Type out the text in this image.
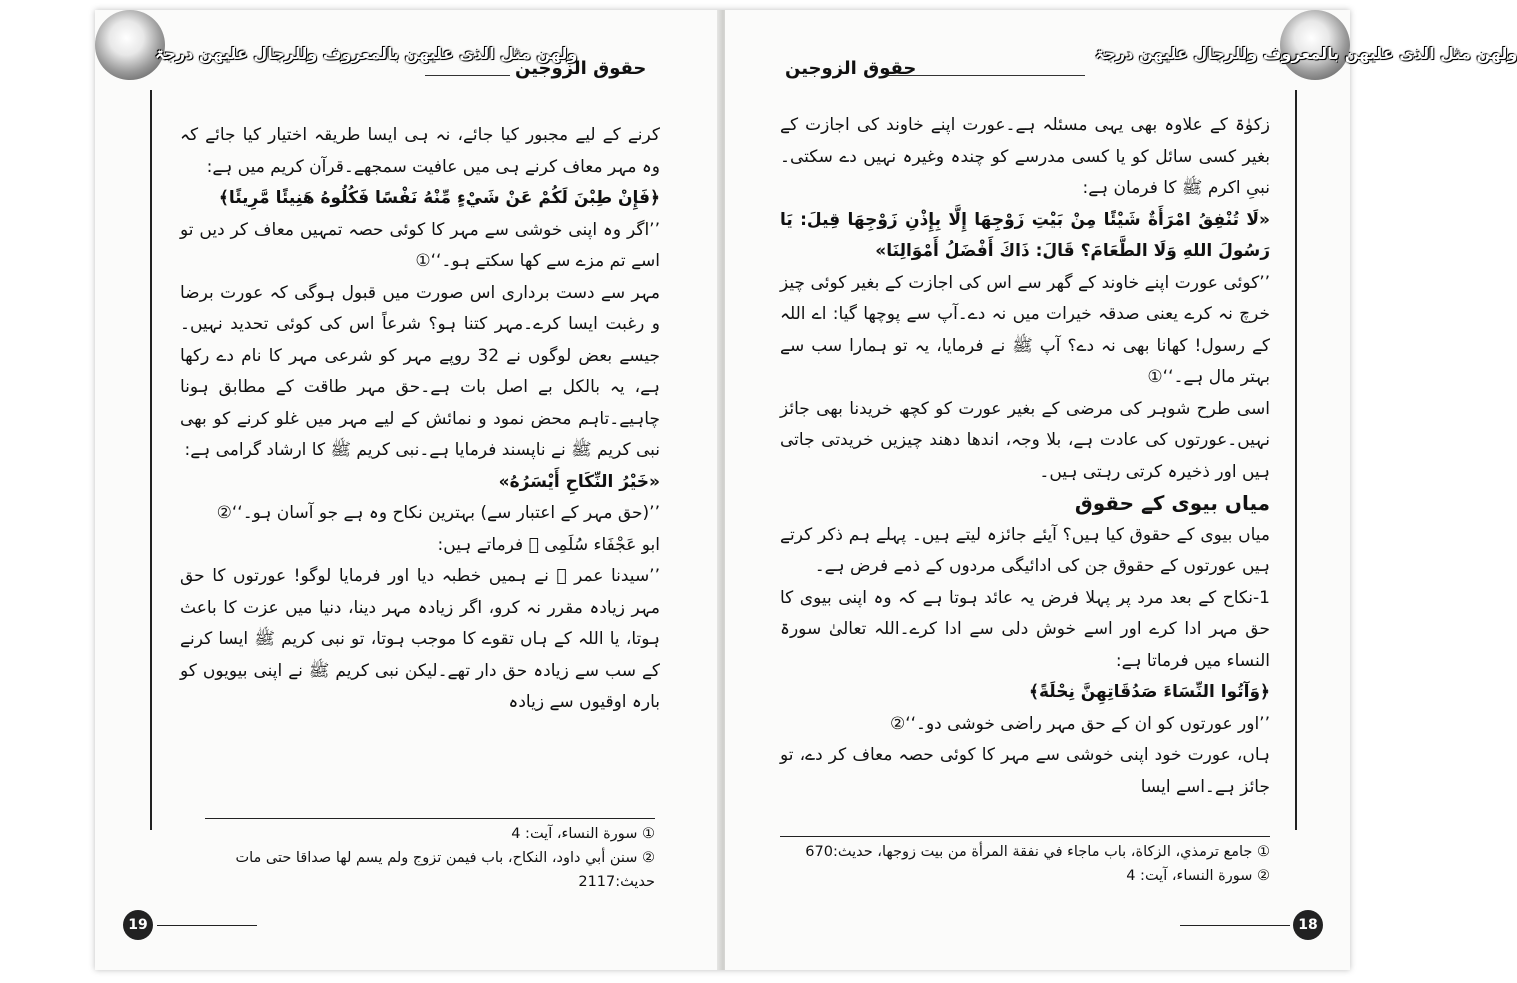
ولھن مثل الذی علیھن بالمعروف وللرجال علیھن درجۃ
حقوق الزوجین

کرنے کے لیے مجبور کیا جائے، نہ ہی ایسا طریقہ اختیار کیا جائے کہ وہ مہر معاف کرنے ہی میں عافیت سمجھے۔قرآن کریم میں ہے:

﴿فَإِنْ طِبْنَ لَكُمْ عَنْ شَيْءٍ مِّنْهُ نَفْسًا فَكُلُوهُ هَنِيئًا مَّرِيئًا﴾

’’اگر وہ اپنی خوشی سے مہر کا کوئی حصہ تمہیں معاف کر دیں تو اسے تم مزے سے کھا سکتے ہو۔‘‘①

مہر سے دست برداری اس صورت میں قبول ہوگی کہ عورت برضا و رغبت ایسا کرے۔مہر کتنا ہو؟ شرعاً اس کی کوئی تحدید نہیں۔ جیسے بعض لوگوں نے 32 روپے مہر کو شرعی مہر کا نام دے رکھا ہے، یہ بالکل بے اصل بات ہے۔حق مہر طاقت کے مطابق ہونا چاہیے۔تاہم محض نمود و نمائش کے لیے مہر میں غلو کرنے کو بھی نبی کریم ﷺ نے ناپسند فرمایا ہے۔نبی کریم ﷺ کا ارشاد گرامی ہے:

«خَيْرُ النِّكَاحِ أَيْسَرُهُ»

’’(حق مہر کے اعتبار سے) بہترین نکاح وہ ہے جو آسان ہو۔‘‘②

ابو عَجْفَاء سُلَمِی ﷫ فرماتے ہیں:

’’سیدنا عمر ﷛ نے ہمیں خطبہ دیا اور فرمایا لوگو! عورتوں کا حق مہر زیادہ مقرر نہ کرو، اگر زیادہ مہر دینا، دنیا میں عزت کا باعث ہوتا، یا اللہ کے ہاں تقوے کا موجب ہوتا، تو نبی کریم ﷺ ایسا کرنے کے سب سے زیادہ حق دار تھے۔لیکن نبی کریم ﷺ نے اپنی بیویوں کو بارہ اوقیوں سے زیادہ

① سورة النساء، آیت: 4

② سنن أبي داود، النكاح، باب فيمن تزوج ولم يسم لها صداقا حتى مات حديث:2117

19
ولھن مثل الذی علیھن بالمعروف وللرجال علیھن درجۃ
حقوق الزوجین

زکوٰۃ کے علاوہ بھی یہی مسئلہ ہے۔عورت اپنے خاوند کی اجازت کے بغیر کسی سائل کو یا کسی مدرسے کو چندہ وغیرہ نہیں دے سکتی۔نبیِ اکرم ﷺ کا فرمان ہے:

«لَا تُنْفِقُ امْرَأَةٌ شَيْئًا مِنْ بَيْتِ زَوْجِهَا إِلَّا بِإِذْنِ زَوْجِهَا قِيلَ: يَا رَسُولَ اللهِ وَلَا الطَّعَامَ؟ قَالَ: ذَاكَ أَفْضَلُ أَمْوَالِنَا»

’’کوئی عورت اپنے خاوند کے گھر سے اس کی اجازت کے بغیر کوئی چیز خرچ نہ کرے یعنی صدقہ خیرات میں نہ دے۔آپ سے پوچھا گیا: اے اللہ کے رسول! کھانا بھی نہ دے؟ آپ ﷺ نے فرمایا، یہ تو ہمارا سب سے بہتر مال ہے۔‘‘①

اسی طرح شوہر کی مرضی کے بغیر عورت کو کچھ خریدنا بھی جائز نہیں۔عورتوں کی عادت ہے، بلا وجہ، اندھا دھند چیزیں خریدتی جاتی ہیں اور ذخیرہ کرتی رہتی ہیں۔

میاں بیوی کے حقوق

میاں بیوی کے حقوق کیا ہیں؟ آیئے جائزہ لیتے ہیں۔ پہلے ہم ذکر کرتے ہیں عورتوں کے حقوق جن کی ادائیگی مردوں کے ذمے فرض ہے۔

1-نکاح کے بعد مرد پر پہلا فرض یہ عائد ہوتا ہے کہ وہ اپنی بیوی کا حق مہر ادا کرے اور اسے خوش دلی سے ادا کرے۔اللہ تعالیٰ سورۃ النساء میں فرماتا ہے:

﴿وَآتُوا النِّسَاءَ صَدُقَاتِهِنَّ نِحْلَةً﴾

’’اور عورتوں کو ان کے حق مہر راضی خوشی دو۔‘‘②

ہاں، عورت خود اپنی خوشی سے مہر کا کوئی حصہ معاف کر دے، تو جائز ہے۔اسے ایسا

① جامع ترمذي، الزكاة، باب ماجاء في نفقة المرأة من بيت زوجها، حديث:670

② سورة النساء، آیت: 4

18
